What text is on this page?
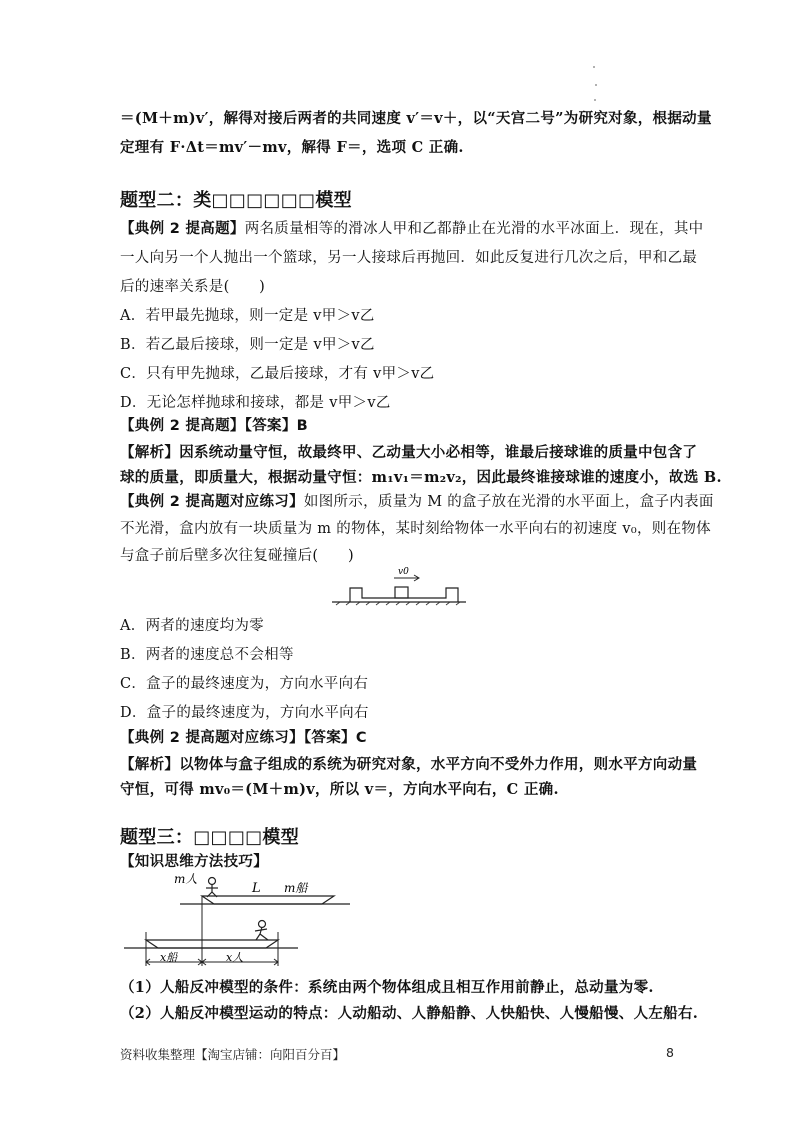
＝(M＋m)v′，解得对接后两者的共同速度 v′＝v＋，以“天宫二号”为研究对象，根据动量
定理有 F·Δt＝mv′－mv，解得 F＝，选项 C 正确.
题型二：类□□□□□□模型
【典例 2 提高题】两名质量相等的滑冰人甲和乙都静止在光滑的水平冰面上．现在，其中
一人向另一个人抛出一个篮球，另一人接球后再抛回．如此反复进行几次之后，甲和乙最
后的速率关系是(　　)
A．若甲最先抛球，则一定是 v甲＞v乙
B．若乙最后接球，则一定是 v甲＞v乙
C．只有甲先抛球，乙最后接球，才有 v甲＞v乙
D．无论怎样抛球和接球，都是 v甲＞v乙
【典例 2 提高题】【答案】B
【解析】因系统动量守恒，故最终甲、乙动量大小必相等，谁最后接球谁的质量中包含了
球的质量，即质量大，根据动量守恒：m₁v₁＝m₂v₂，因此最终谁接球谁的速度小，故选 B.
【典例 2 提高题对应练习】如图所示，质量为 M 的盒子放在光滑的水平面上，盒子内表面
不光滑，盒内放有一块质量为 m 的物体，某时刻给物体一水平向右的初速度 v₀，则在物体
与盒子前后壁多次往复碰撞后(　　)
v0
A．两者的速度均为零
B．两者的速度总不会相等
C．盒子的最终速度为，方向水平向右
D．盒子的最终速度为，方向水平向右
【典例 2 提高题对应练习】【答案】C
【解析】以物体与盒子组成的系统为研究对象，水平方向不受外力作用，则水平方向动量
守恒，可得 mv₀＝(M＋m)v，所以 v＝，方向水平向右，C 正确.
题型三：□□□□模型
【知识思维方法技巧】
m人
L m船
x船	x人
（1）人船反冲模型的条件：系统由两个物体组成且相互作用前静止，总动量为零.
（2）人船反冲模型运动的特点：人动船动、人静船静、人快船快、人慢船慢、人左船右.
资料收集整理【淘宝店铺：向阳百分百】	8
